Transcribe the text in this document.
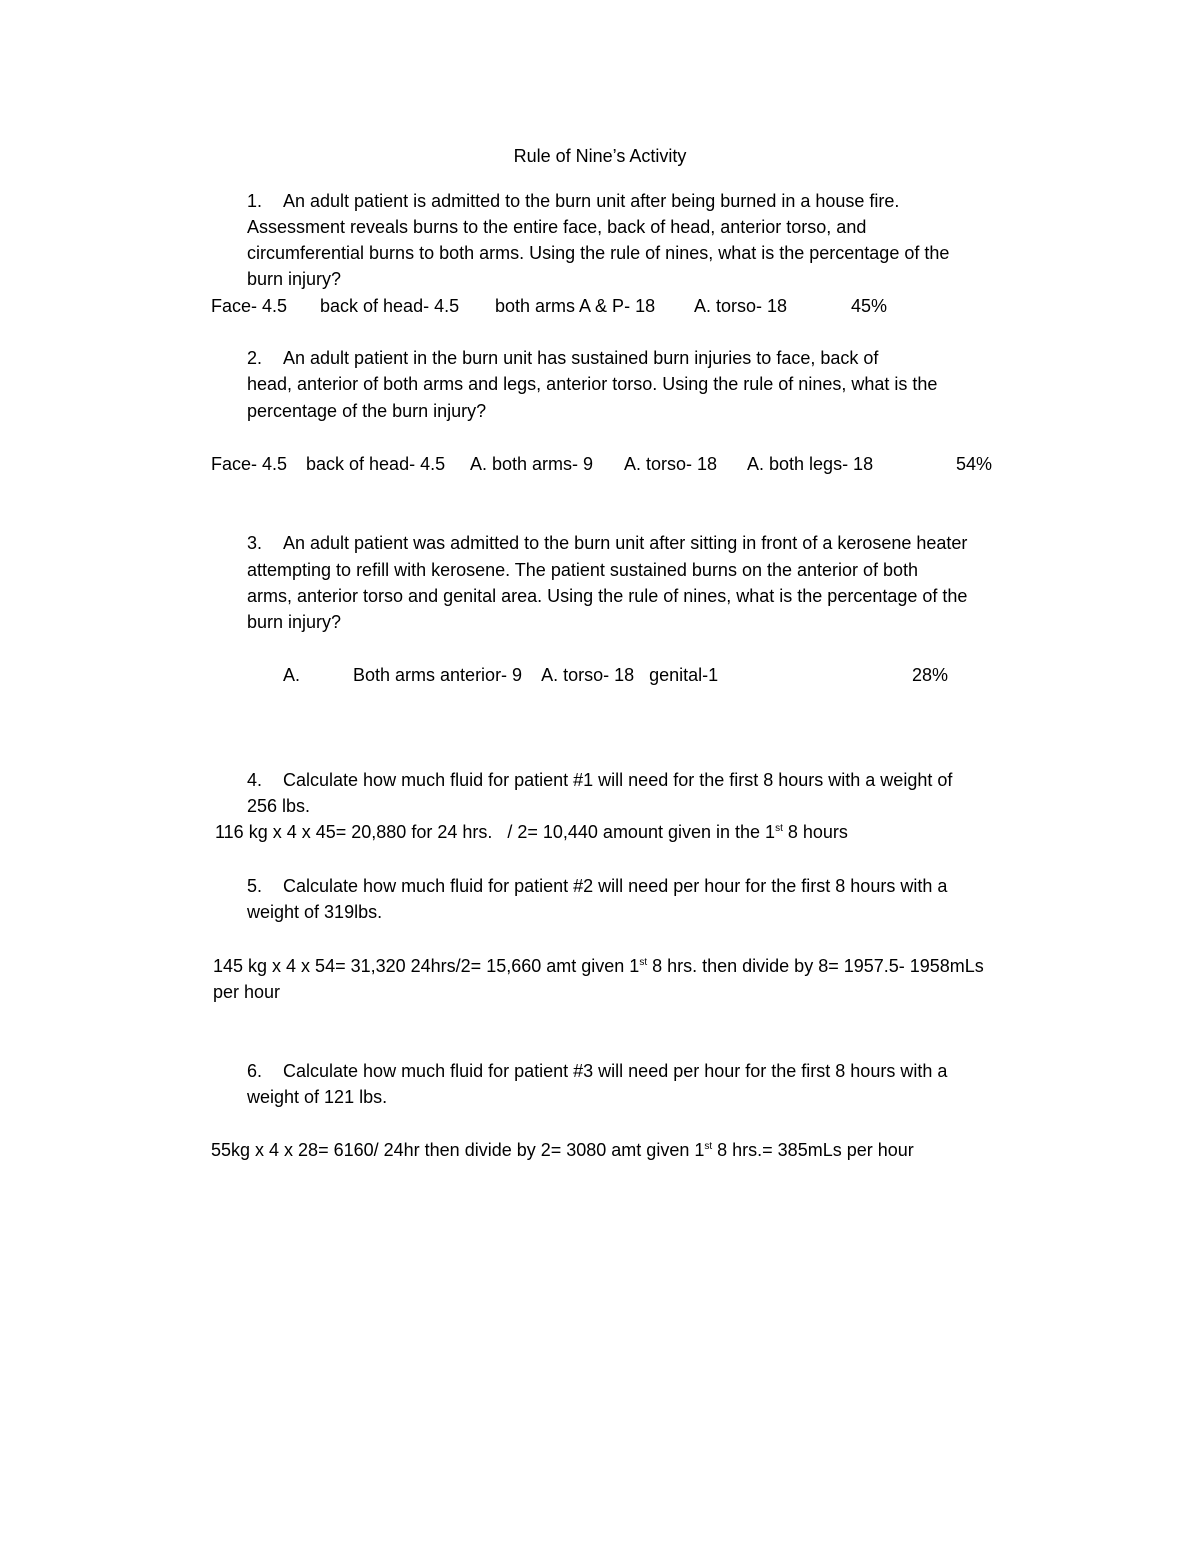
Rule of Nine’s Activity
1. An adult patient is admitted to the burn unit after being burned in a house fire.
Assessment reveals burns to the entire face, back of head, anterior torso, and
circumferential burns to both arms. Using the rule of nines, what is the percentage of the
burn injury?
Face- 4.5 back of head- 4.5 both arms A & P- 18 A. torso- 18	45%
2. An adult patient in the burn unit has sustained burn injuries to face, back of
head, anterior of both arms and legs, anterior torso. Using the rule of nines, what is the
percentage of the burn injury?
Face- 4.5 back of head- 4.5 A. both arms- 9 A. torso- 18 A. both legs- 18	54%
3. An adult patient was admitted to the burn unit after sitting in front of a kerosene heater
attempting to refill with kerosene. The patient sustained burns on the anterior of both
arms, anterior torso and genital area. Using the rule of nines, what is the percentage of the
burn injury?
A.	Both arms anterior- 9    A. torso- 18   genital-1	28%
4. Calculate how much fluid for patient #1 will need for the first 8 hours with a weight of
256 lbs.
116 kg x 4 x 45= 20,880 for 24 hrs.   / 2= 10,440 amount given in the 1st 8 hours
5. Calculate how much fluid for patient #2 will need per hour for the first 8 hours with a
weight of 319lbs.
145 kg x 4 x 54= 31,320 24hrs/2= 15,660 amt given 1st 8 hrs. then divide by 8= 1957.5- 1958mLs
per hour
6. Calculate how much fluid for patient #3 will need per hour for the first 8 hours with a
weight of 121 lbs.
55kg x 4 x 28= 6160/ 24hr then divide by 2= 3080 amt given 1st 8 hrs.= 385mLs per hour
